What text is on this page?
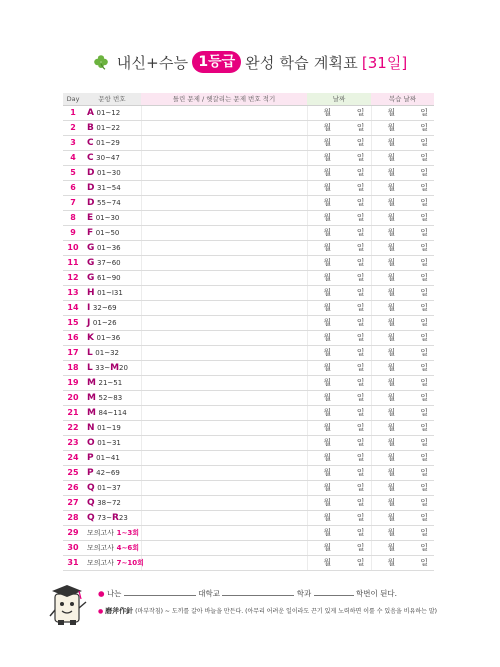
내신+수능 1등급 완성 학습 계획표 [31일]
Day	문항 번호	틀린 문제 / 헷갈리는 문제 번호 적기	날짜	복습 날짜
1	A 01~12		월 일	월 일

2	B 01~22		월 일	월 일

3	C 01~29		월 일	월 일

4	C 30~47		월 일	월 일

5	D 01~30		월 일	월 일

6	D 31~54		월 일	월 일

7	D 55~74		월 일	월 일

8	E 01~30		월 일	월 일

9	F 01~50		월 일	월 일

10	G 01~36		월 일	월 일

11	G 37~60		월 일	월 일

12	G 61~90		월 일	월 일

13	H 01~I31		월 일	월 일

14	I 32~69		월 일	월 일

15	J 01~26		월 일	월 일

16	K 01~36		월 일	월 일

17	L 01~32		월 일	월 일

18	L 33~M20		월 일	월 일

19	M 21~51		월 일	월 일

20	M 52~83		월 일	월 일

21	M 84~114		월 일	월 일

22	N 01~19		월 일	월 일

23	O 01~31		월 일	월 일

24	P 01~41		월 일	월 일

25	P 42~69		월 일	월 일

26	Q 01~37		월 일	월 일

27	Q 38~72		월 일	월 일

28	Q 73~R23		월 일	월 일

29	모의고사 1~3회		월 일	월 일

30	모의고사 4~6회		월 일	월 일

31	모의고사 7~10회		월 일	월 일
● 나는	대학교	학과	학번이 된다.
● 磨斧作針 (마부작침) ~ 도끼를 갈아 바늘을 만든다. (아무리 어려운 일이라도 끈기 있게 노력하면 이룰 수 있음을 비유하는 말)
